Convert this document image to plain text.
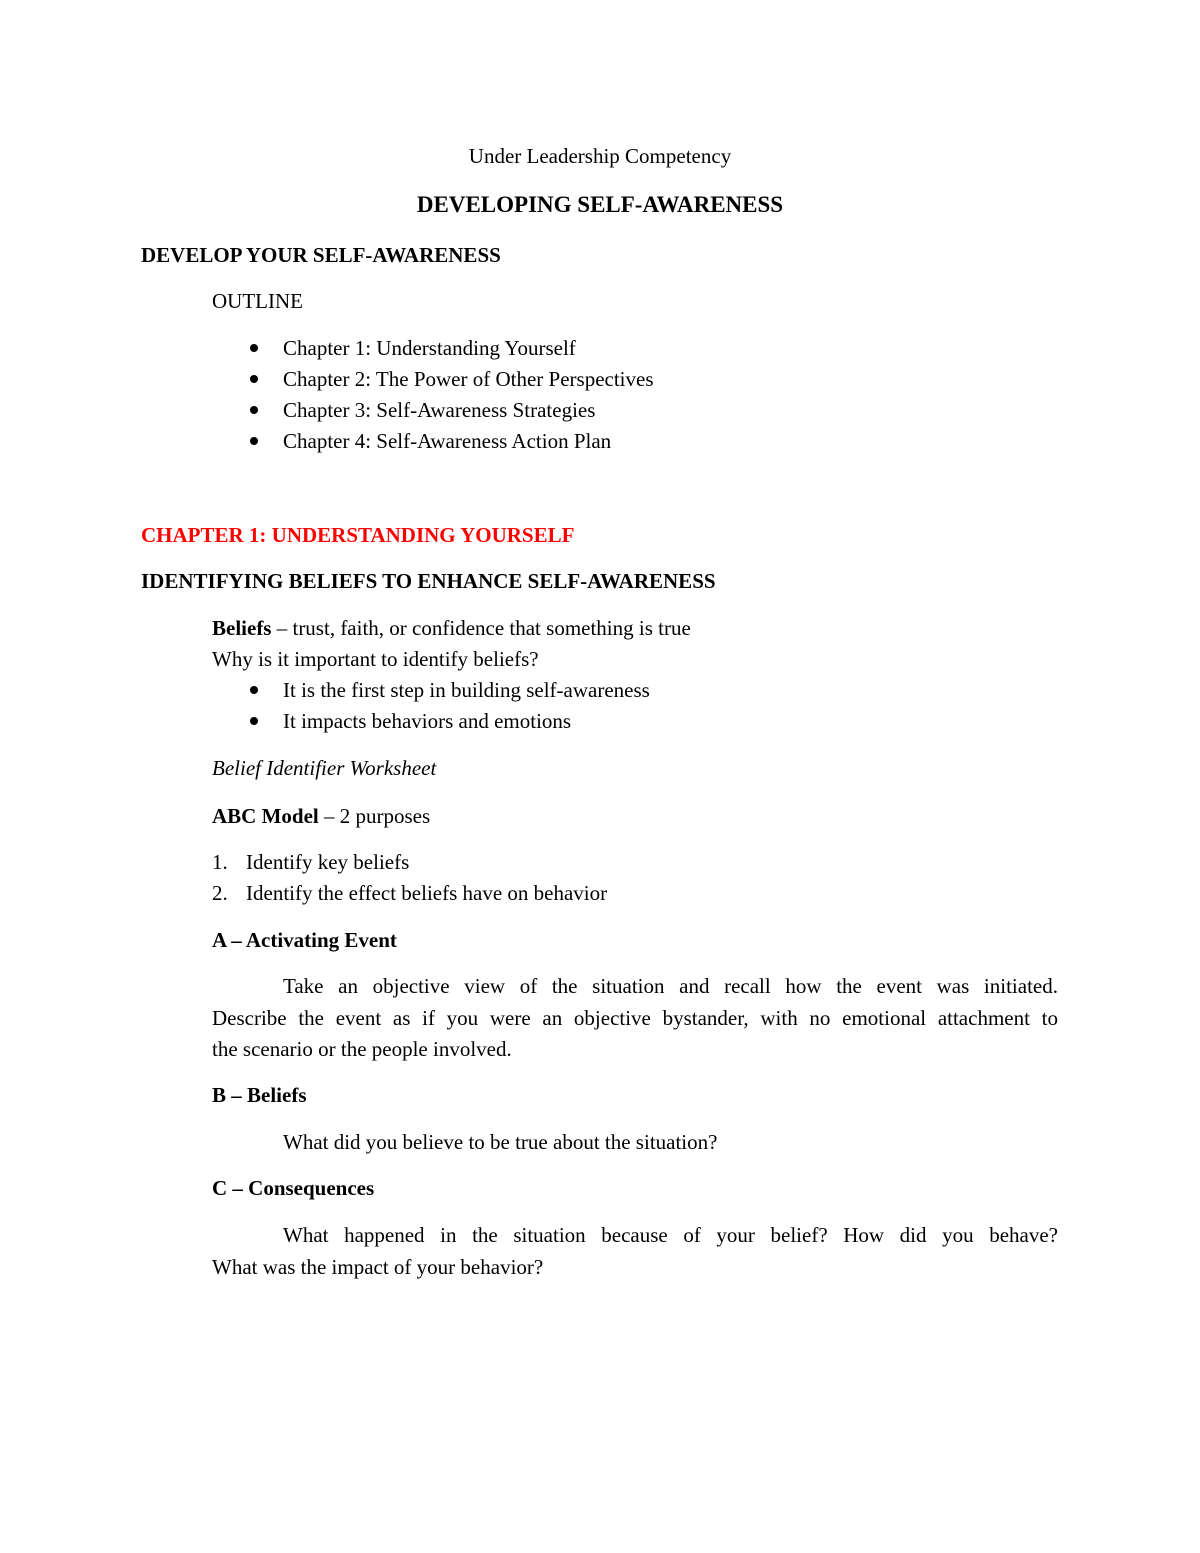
Under Leadership Competency
DEVELOPING SELF-AWARENESS
DEVELOP YOUR SELF-AWARENESS
OUTLINE
Chapter 1: Understanding Yourself
Chapter 2: The Power of Other Perspectives
Chapter 3: Self-Awareness Strategies
Chapter 4: Self-Awareness Action Plan
CHAPTER 1: UNDERSTANDING YOURSELF
IDENTIFYING BELIEFS TO ENHANCE SELF-AWARENESS
Beliefs – trust, faith, or confidence that something is true
Why is it important to identify beliefs?
It is the first step in building self-awareness
It impacts behaviors and emotions
Belief Identifier Worksheet
ABC Model – 2 purposes
1. Identify key beliefs
2. Identify the effect beliefs have on behavior
A – Activating Event
Take an objective view of the situation and recall how the event was initiated.
Describe the event as if you were an objective bystander, with no emotional attachment to
the scenario or the people involved.
B – Beliefs
What did you believe to be true about the situation?
C – Consequences
What happened in the situation because of your belief? How did you behave?
What was the impact of your behavior?
